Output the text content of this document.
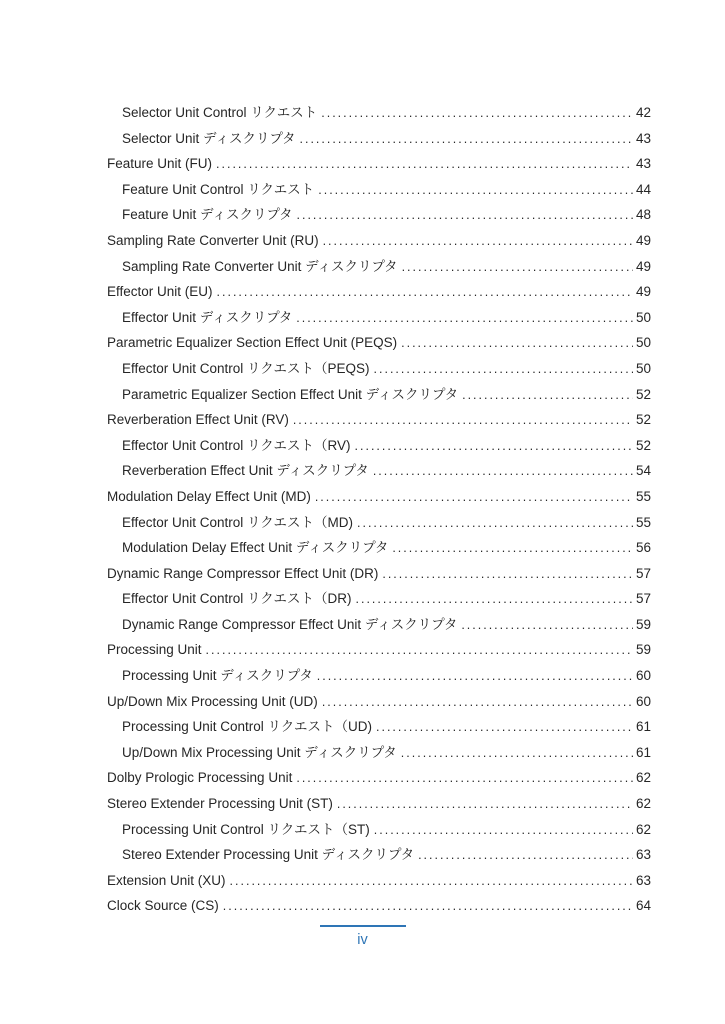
Selector Unit Control リクエスト .....	42
Selector Unit ディスクリプタ .....	43
Feature Unit (FU) .....	43
Feature Unit Control リクエスト .....	44
Feature Unit ディスクリプタ .....	48
Sampling Rate Converter Unit (RU) .....	49
Sampling Rate Converter Unit ディスクリプタ .....	49
Effector Unit (EU) .....	49
Effector Unit ディスクリプタ .....	50
Parametric Equalizer Section Effect Unit (PEQS) .....	50
Effector Unit Control リクエスト（PEQS) .....	50
Parametric Equalizer Section Effect Unit ディスクリプタ .....	52
Reverberation Effect Unit (RV) .....	52
Effector Unit Control リクエスト（RV) .....	52
Reverberation Effect Unit ディスクリプタ .....	54
Modulation Delay Effect Unit (MD) .....	55
Effector Unit Control リクエスト（MD) .....	55
Modulation Delay Effect Unit ディスクリプタ .....	56
Dynamic Range Compressor Effect Unit (DR) .....	57
Effector Unit Control リクエスト（DR) .....	57
Dynamic Range Compressor Effect Unit ディスクリプタ .....	59
Processing Unit .....	59
Processing Unit ディスクリプタ .....	60
Up/Down Mix Processing Unit (UD) .....	60
Processing Unit Control リクエスト（UD) .....	61
Up/Down Mix Processing Unit ディスクリプタ .....	61
Dolby Prologic Processing Unit .....	62
Stereo Extender Processing Unit (ST) .....	62
Processing Unit Control リクエスト（ST) .....	62
Stereo Extender Processing Unit ディスクリプタ .....	63
Extension Unit (XU) .....	63
Clock Source (CS) .....	64
iv
